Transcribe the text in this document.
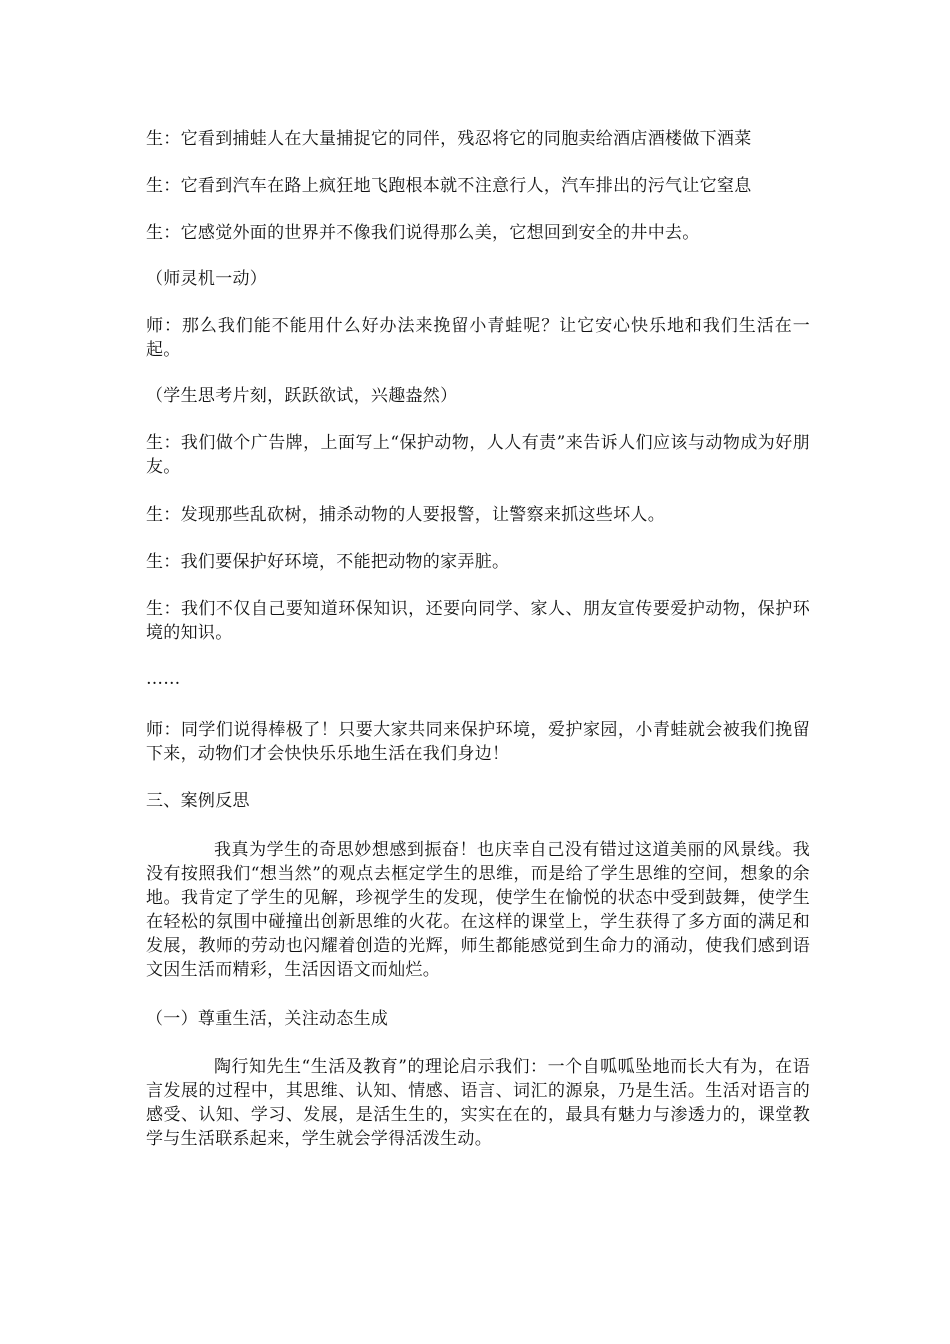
生：它看到捕蛙人在大量捕捉它的同伴，残忍将它的同胞卖给酒店酒楼做下酒菜

生：它看到汽车在路上疯狂地飞跑根本就不注意行人，汽车排出的污气让它窒息

生：它感觉外面的世界并不像我们说得那么美，它想回到安全的井中去。

（师灵机一动）

师：那么我们能不能用什么好办法来挽留小青蛙呢？让它安心快乐地和我们生活在一起。

（学生思考片刻，跃跃欲试，兴趣盎然）

生：我们做个广告牌，上面写上“保护动物，人人有责”来告诉人们应该与动物成为好朋友。

生：发现那些乱砍树，捕杀动物的人要报警，让警察来抓这些坏人。

生：我们要保护好环境，不能把动物的家弄脏。

生：我们不仅自己要知道环保知识，还要向同学、家人、朋友宣传要爱护动物，保护环境的知识。

……

师：同学们说得棒极了！只要大家共同来保护环境，爱护家园，小青蛙就会被我们挽留下来，动物们才会快快乐乐地生活在我们身边！

三、案例反思

我真为学生的奇思妙想感到振奋！也庆幸自己没有错过这道美丽的风景线。我没有按照我们“想当然”的观点去框定学生的思维，而是给了学生思维的空间，想象的余地。我肯定了学生的见解，珍视学生的发现，使学生在愉悦的状态中受到鼓舞，使学生在轻松的氛围中碰撞出创新思维的火花。在这样的课堂上，学生获得了多方面的满足和发展，教师的劳动也闪耀着创造的光辉，师生都能感觉到生命力的涌动，使我们感到语文因生活而精彩，生活因语文而灿烂。

（一）尊重生活，关注动态生成

陶行知先生“生活及教育”的理论启示我们：一个自呱呱坠地而长大有为，在语言发展的过程中，其思维、认知、情感、语言、词汇的源泉，乃是生活。生活对语言的感受、认知、学习、发展，是活生生的，实实在在的，最具有魅力与渗透力的，课堂教学与生活联系起来，学生就会学得活泼生动。
